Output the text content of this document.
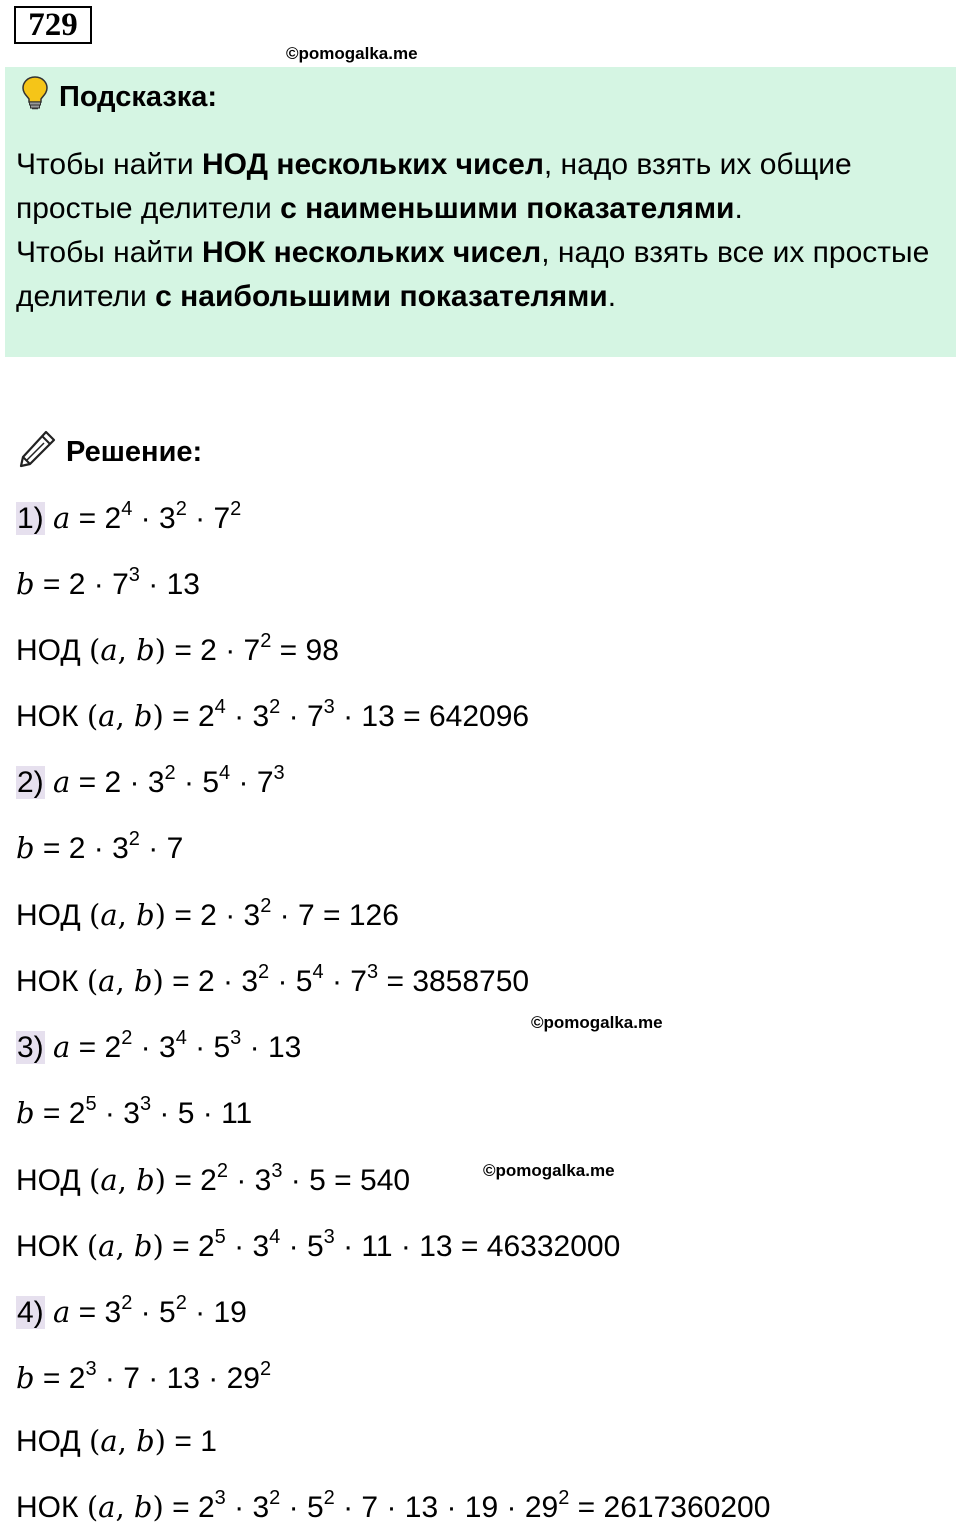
729
©pomogalka.me
Подсказка:

Чтобы найти НОД нескольких чисел, надо взять их общие простые делители с наименьшими показателями.

Чтобы найти НОК нескольких чисел, надо взять все их простые делители с наибольшими показателями.

Решение:
1) $a = 2^4 \cdot 3^2 \cdot 7^2$
$b = 2 \cdot 7^3 \cdot 13$
НОД (a, $b) = 2 \cdot 7^2 = 98$
НОК (a, $b) = 2^4 \cdot 3^2 \cdot 7^3 \cdot 13 = 642096$
2) $a = 2 \cdot 3^2 \cdot 5^4 \cdot 7^3$
$b = 2 \cdot 3^2 \cdot 7$
НОД (a, $b) = 2 \cdot 3^2 \cdot 7 = 126$
НОК (a, $b) = 2 \cdot 3^2 \cdot 5^4 \cdot 7^3 = 3858750$
©pomogalka.me
3) $a = 2^2 \cdot 3^4 \cdot 5^3 \cdot 13$
$b = 2^5 \cdot 3^3 \cdot 5 \cdot 11$
НОД (a, $b) = 2^2 \cdot 3^3 \cdot 5 = 540$	©pomogalka.me
НОК (a, $b) = 2^5 \cdot 3^4 \cdot 5^3 \cdot 11 \cdot 13 = 46332000$
4) $a = 3^2 \cdot 5^2 \cdot 19$
$b = 2^3 \cdot 7 \cdot 13 \cdot 29^2$
НОД (a, b) = 1
НОК (a, $b) = 2^3 \cdot 3^2 \cdot 5^2 \cdot 7 \cdot 13 \cdot 19 \cdot 29^2 = 2617360200$
